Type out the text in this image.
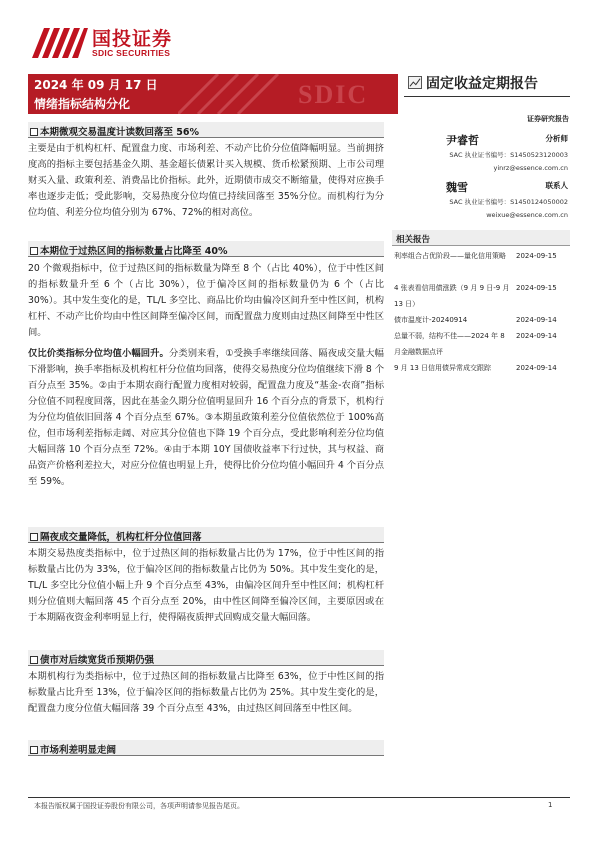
国投证券
SDIC SECURITIES
SDIC
2024 年 09 月 17 日
情绪指标结构分化
固定收益定期报告
证券研究报告
尹睿哲	分析师
SAC 执业证书编号：S1450523120003
yinrz@essence.com.cn
魏雪	联系人
SAC 执业证书编号：S1450124050002
weixue@essence.com.cn
相关报告
利率组合占优阶段——量化信用策略	2024-09-15
4 张表看信用债涨跌（9 月 9 日-9 月 13 日）
2024-09-15
债市温度计-20240914	2024-09-14
总量不弱，结构不佳——2024 年 8 月金融数据点评
2024-09-14
9 月 13 日信用债异常成交跟踪	2024-09-14
本期微观交易温度计读数回落至 56%
主要是由于机构杠杆、配置盘力度、市场利差、不动产比价分位值降幅明显。当前拥挤度高的指标主要包括基金久期、基金超长债累计买入规模、货币松紧预期、上市公司理财买入量、政策利差、消费品比价指标。此外，近期债市成交不断缩量，使得对应换手率也逐步走低；受此影响，交易热度分位均值已持续回落至 35%分位。而机构行为分位均值、利差分位均值分别为 67%、72%的相对高位。
本期位于过热区间的指标数量占比降至 40%
20 个微观指标中，位于过热区间的指标数量为降至 8 个（占比 40%），位于中性区间的指标数量升至 6 个（占比 30%），位于偏冷区间的指标数量仍为 6 个（占比 30%）。其中发生变化的是，TL/L 多空比、商品比价均由偏冷区间升至中性区间，机构杠杆、不动产比价均由中性区间降至偏冷区间，而配置盘力度则由过热区间降至中性区间。
仅比价类指标分位均值小幅回升。分类别来看，①受换手率继续回落、隔夜成交量大幅下滑影响，换手率指标及机构杠杆分位值均回落，使得交易热度分位均值继续下滑 8 个百分点至 35%。②由于本期农商行配置力度相对较弱，配置盘力度及“基金-农商”指标分位值不同程度回落，因此在基金久期分位值明显回升 16 个百分点的背景下，机构行为分位均值依旧回落 4 个百分点至 67%。③本期虽政策利差分位值依然位于 100%高位，但市场利差指标走阔、对应其分位值也下降 19 个百分点，受此影响利差分位均值大幅回落 10 个百分点至 72%。④由于本期 10Y 国债收益率下行过快，其与权益、商品资产价格利差拉大，对应分位值也明显上升，使得比价分位均值小幅回升 4 个百分点至 59%。
隔夜成交量降低，机构杠杆分位值回落
本期交易热度类指标中，位于过热区间的指标数量占比仍为 17%，位于中性区间的指标数量占比仍为 33%，位于偏冷区间的指标数量占比仍为 50%。其中发生变化的是，TL/L 多空比分位值小幅上升 9 个百分点至 43%，由偏冷区间升至中性区间；机构杠杆则分位值则大幅回落 45 个百分点至 20%，由中性区间降至偏冷区间，主要原因或在于本期隔夜资金利率明显上行，使得隔夜质押式回购成交量大幅回落。
债市对后续宽货币预期仍强
本期机构行为类指标中，位于过热区间的指标数量占比降至 63%，位于中性区间的指标数量占比升至 13%，位于偏冷区间的指标数量占比仍为 25%。其中发生变化的是，配置盘力度分位值大幅回落 39 个百分点至 43%，由过热区间回落至中性区间。
市场利差明显走阔
本报告版权属于国投证券股份有限公司，各项声明请参见报告尾页。	1
